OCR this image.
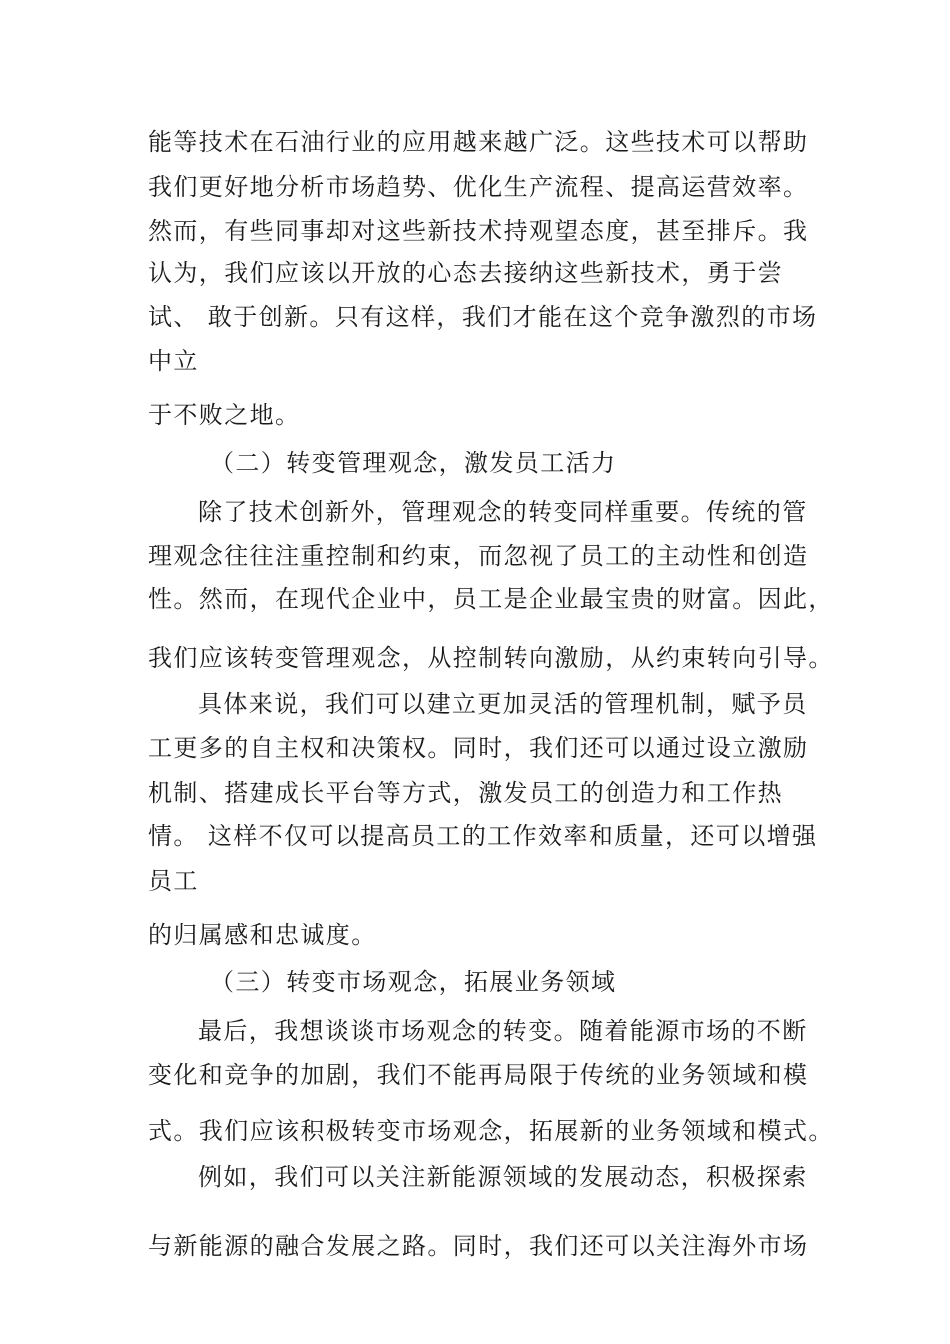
能等技术在石油行业的应用越来越广泛。这些技术可以帮助

我们更好地分析市场趋势、优化生产流程、提高运营效率。

然而，有些同事却对这些新技术持观望态度，甚至排斥。我

认为，我们应该以开放的心态去接纳这些新技术，勇于尝

试、 敢于创新。只有这样，我们才能在这个竞争激烈的市场

中立

于不败之地。

（二）转变管理观念，激发员工活力

除了技术创新外，管理观念的转变同样重要。传统的管

理观念往往注重控制和约束，而忽视了员工的主动性和创造

性。然而，在现代企业中，员工是企业最宝贵的财富。因此，

我们应该转变管理观念，从控制转向激励，从约束转向引导。

具体来说，我们可以建立更加灵活的管理机制，赋予员

工更多的自主权和决策权。同时，我们还可以通过设立激励

机制、搭建成长平台等方式，激发员工的创造力和工作热

情。 这样不仅可以提高员工的工作效率和质量，还可以增强

员工

的归属感和忠诚度。

（三）转变市场观念，拓展业务领域

最后，我想谈谈市场观念的转变。随着能源市场的不断

变化和竞争的加剧，我们不能再局限于传统的业务领域和模

式。我们应该积极转变市场观念，拓展新的业务领域和模式。

例如，我们可以关注新能源领域的发展动态，积极探索

与新能源的融合发展之路。同时，我们还可以关注海外市场
